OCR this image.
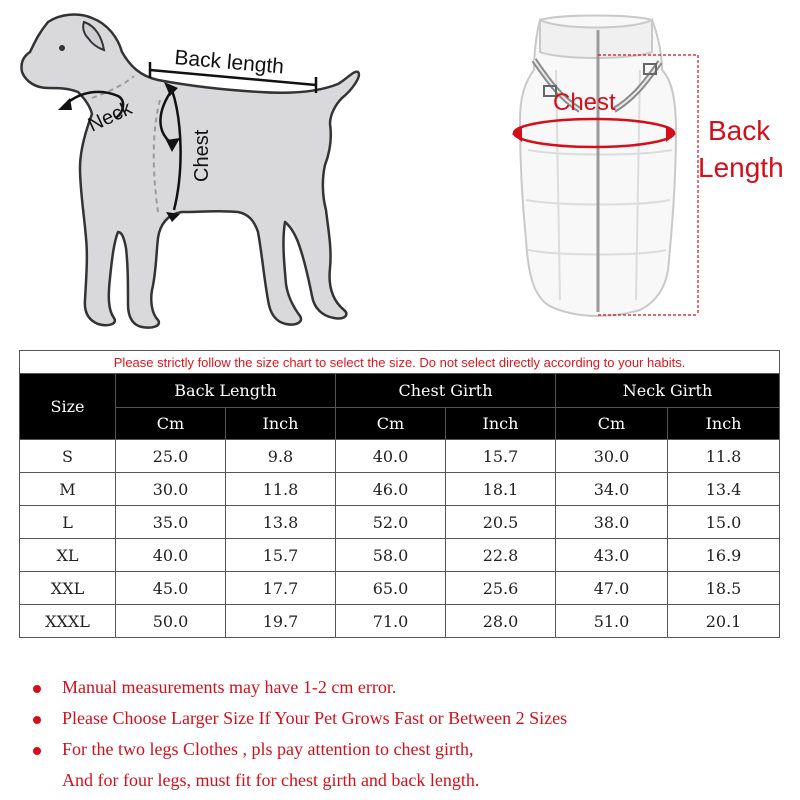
Back length
Neck
Chest
Chest
Back
Length
Please strictly follow the size chart to select the size. Do not select directly according to your habits.						
Size	Back Length		Chest Girth		Neck Girth	
	Cm	Inch	Cm	Inch	Cm	Inch
S	25.0	9.8	40.0	15.7	30.0	11.8
M	30.0	11.8	46.0	18.1	34.0	13.4
L	35.0	13.8	52.0	20.5	38.0	15.0
XL	40.0	15.7	58.0	22.8	43.0	16.9
XXL	45.0	17.7	65.0	25.6	47.0	18.5
XXXL	50.0	19.7	71.0	28.0	51.0	20.1
Manual measurements may have 1-2 cm error.
Please Choose Larger Size If Your Pet Grows Fast or Between 2 Sizes
For the two legs Clothes , pls pay attention to chest girth,
And for four legs, must fit for chest girth and back length.
